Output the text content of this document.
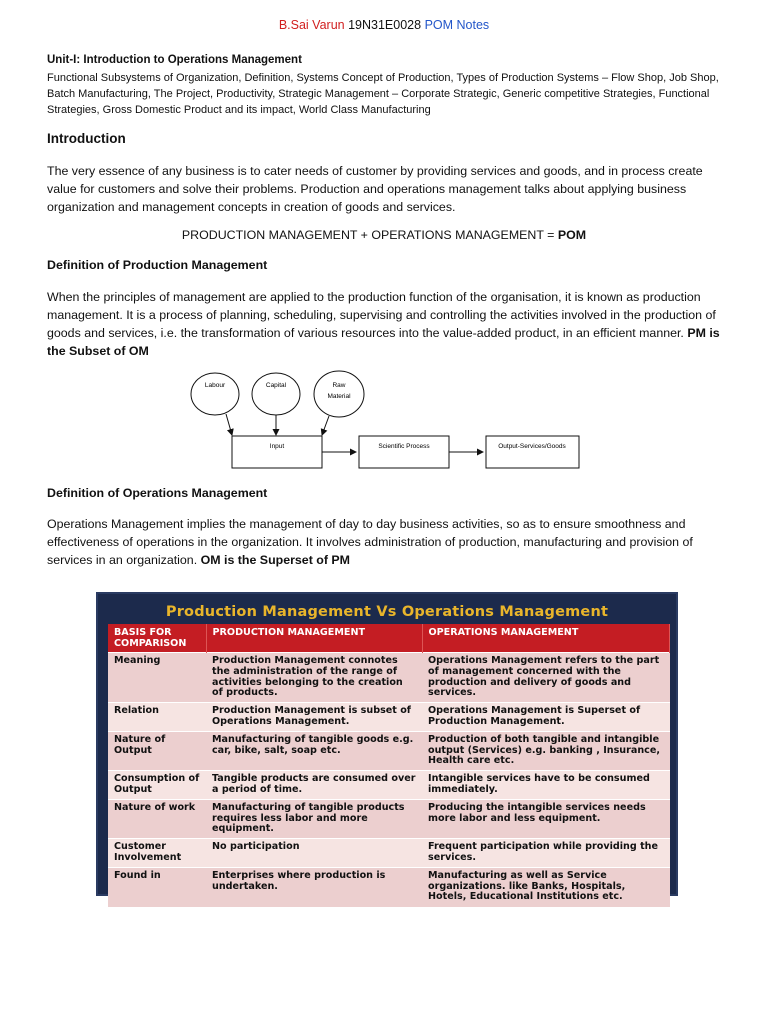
B.Sai Varun 19N31E0028 POM Notes
Unit-I: Introduction to Operations Management
Functional Subsystems of Organization, Definition, Systems Concept of Production, Types of Production Systems – Flow Shop, Job Shop, Batch Manufacturing, The Project, Productivity, Strategic Management – Corporate Strategic, Generic competitive Strategies, Functional Strategies, Gross Domestic Product and its impact, World Class Manufacturing
Introduction
The very essence of any business is to cater needs of customer by providing services and goods, and in process create value for customers and solve their problems. Production and operations management talks about applying business organization and management concepts in creation of goods and services.
PRODUCTION MANAGEMENT + OPERATIONS MANAGEMENT = POM
Definition of Production Management
When the principles of management are applied to the production function of the organisation, it is known as production management. It is a process of planning, scheduling, supervising and controlling the activities involved in the production of goods and services, i.e. the transformation of various resources into the value-added product, in an efficient manner. PM is the Subset of OM
Labour	Capital	Raw
Material
Input	Scientific Process	Output-Services/Goods
Definition of Operations Management
Operations Management implies the management of day to day business activities, so as to ensure smoothness and effectiveness of operations in the organization. It involves administration of production, manufacturing and provision of services in an organization. OM is the Superset of PM
Production Management Vs Operations Management
BASIS FOR COMPARISON	PRODUCTION MANAGEMENT	OPERATIONS MANAGEMENT
Meaning	Production Management connotes the administration of the range of activities belonging to the creation of products.	Operations Management refers to the part of management concerned with the production and delivery of goods and services.
Relation	Production Management is subset of Operations Management.	Operations Management is Superset of Production Management.
Nature of Output	Manufacturing of tangible goods e.g. car, bike, salt, soap etc.	Production of both tangible and intangible output (Services) e.g. banking , Insurance, Health care etc.
Consumption of Output	Tangible products are consumed over a period of time.	Intangible services have to be consumed immediately.
Nature of work	Manufacturing of tangible products requires less labor and more equipment.	Producing the intangible services needs more labor and less equipment.
Customer Involvement	No participation	Frequent participation while providing the services.
Found in	Enterprises where production is undertaken.	Manufacturing as well as Service organizations. like Banks, Hospitals, Hotels, Educational Institutions etc.
